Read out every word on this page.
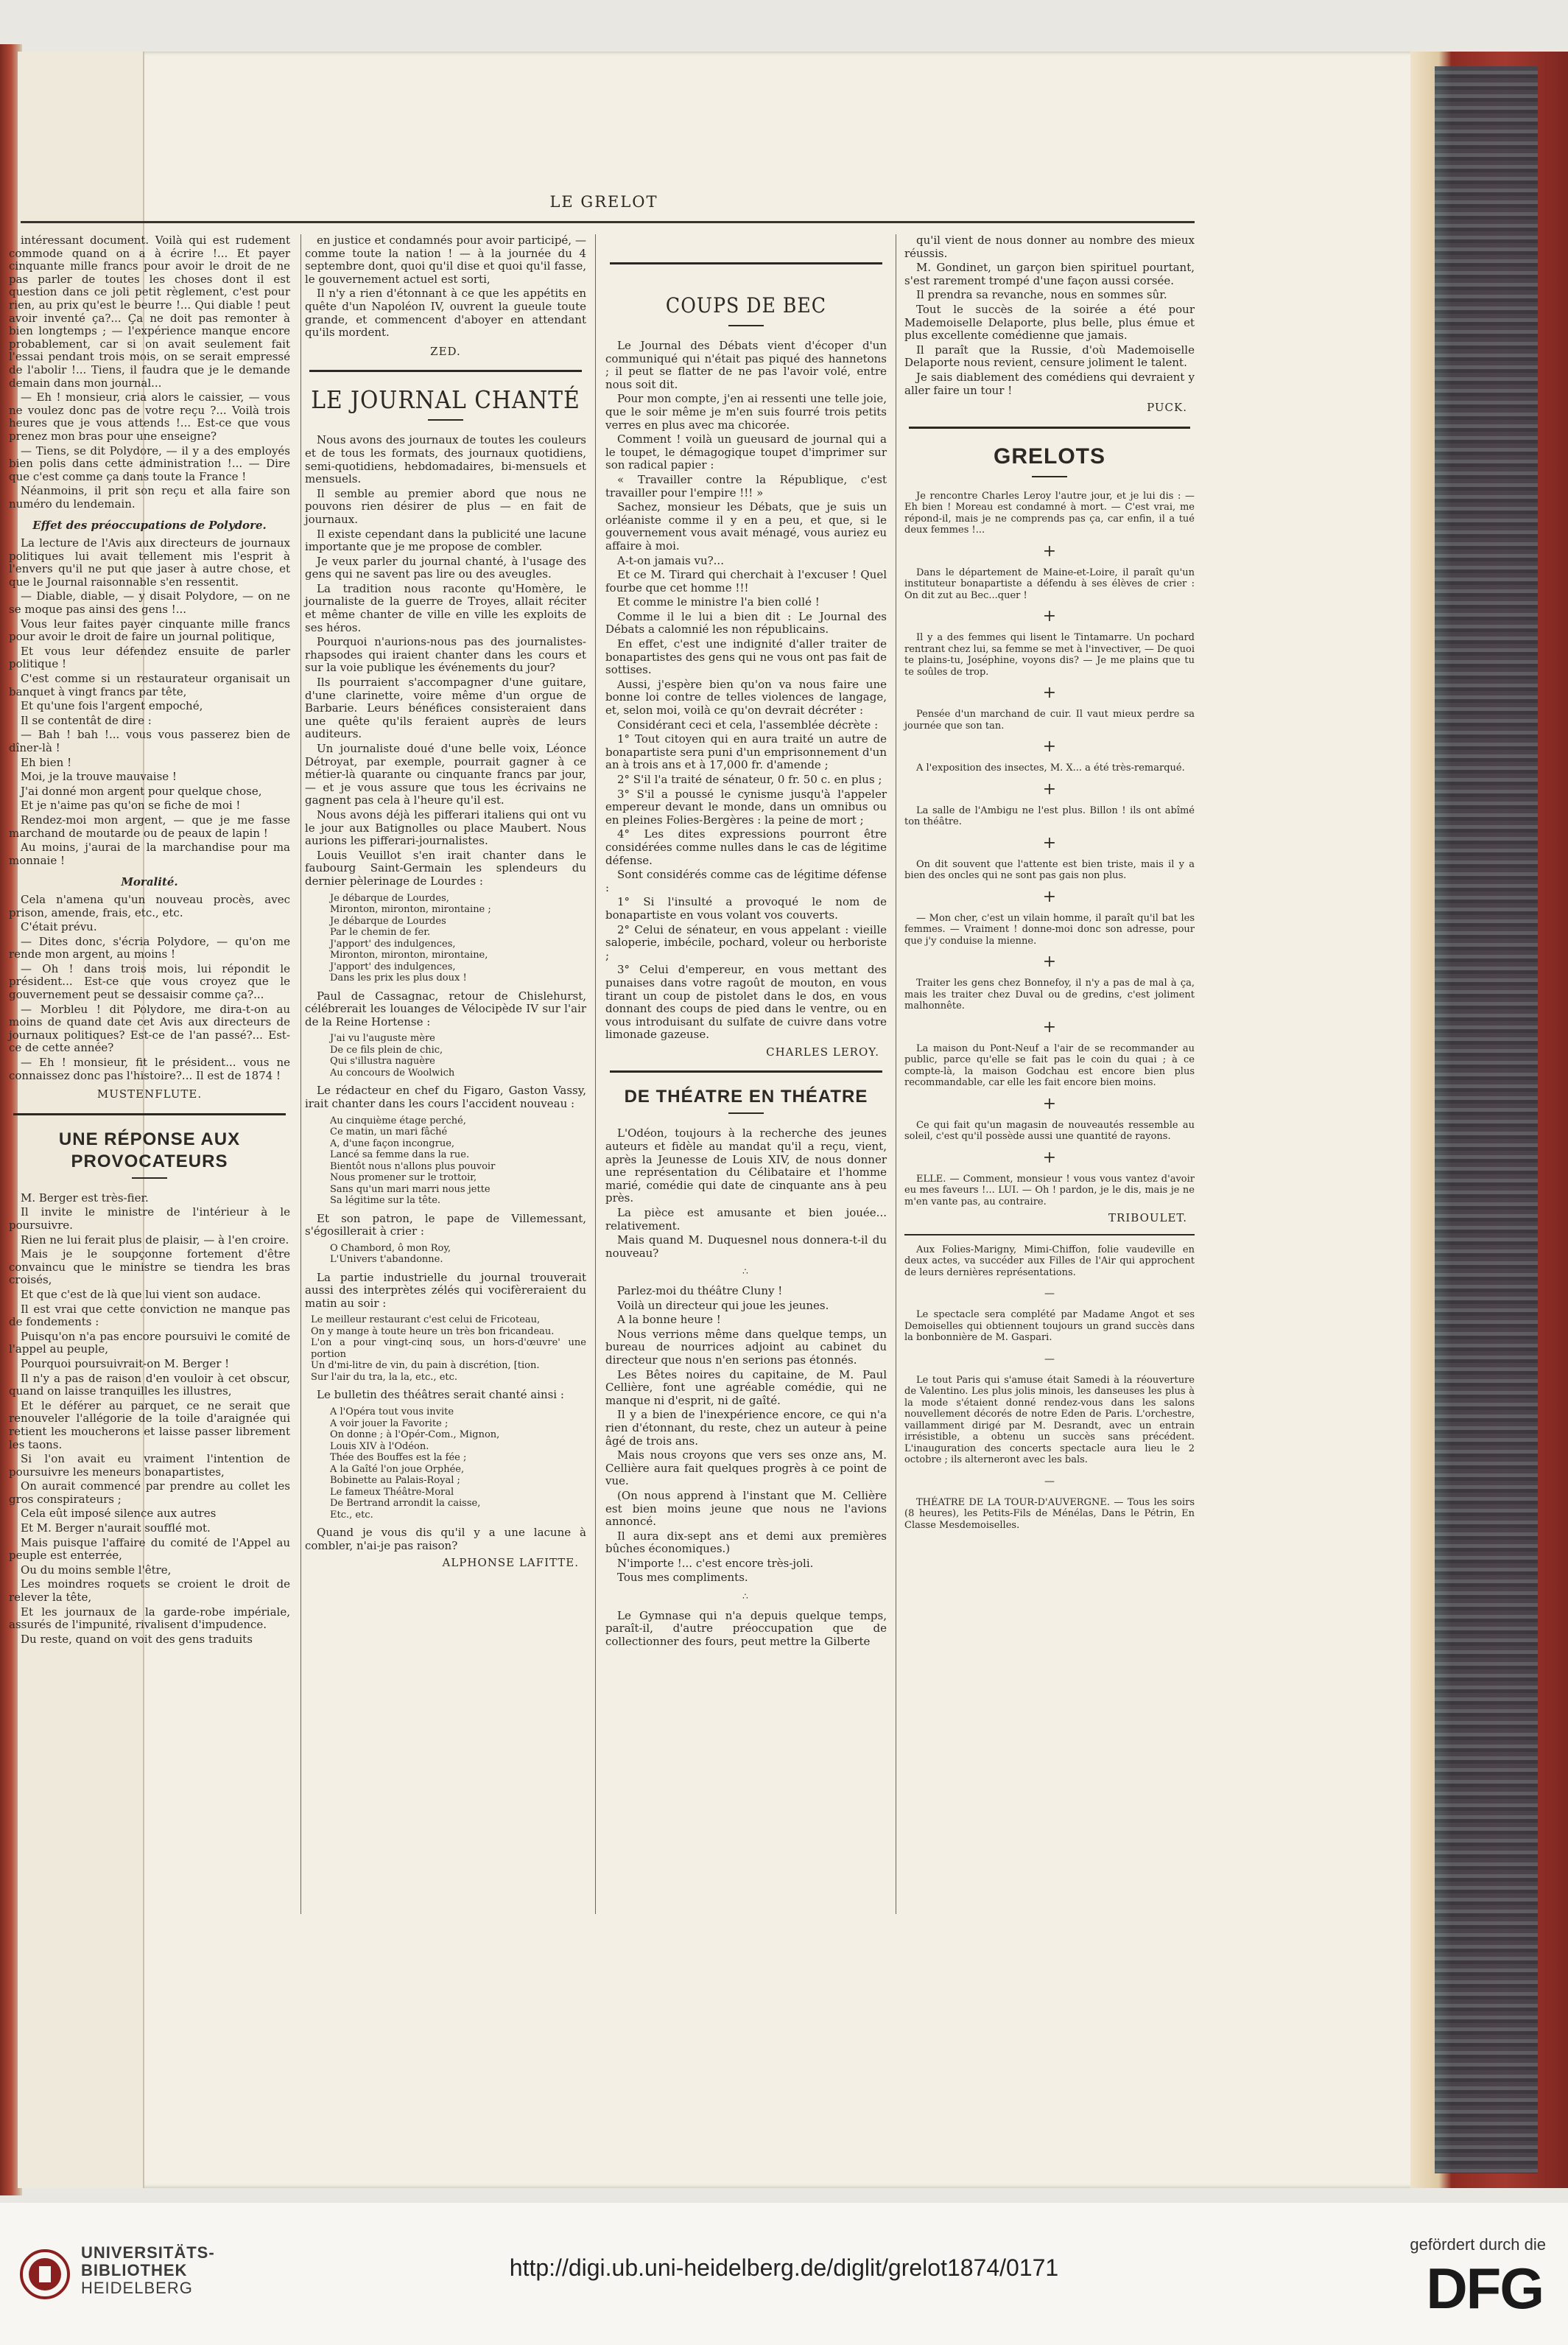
LE GRELOT

intéressant document. Voilà qui est rudement commode quand on a à écrire !... Et payer cinquante mille francs pour avoir le droit de ne pas parler de toutes les choses dont il est question dans ce joli petit règlement, c'est pour rien, au prix qu'est le beurre !... Qui diable ! peut avoir inventé ça?... Ça ne doit pas remonter à bien longtemps ; — l'expérience manque encore probablement, car si on avait seulement fait l'essai pendant trois mois, on se serait empressé de l'abolir !... Tiens, il faudra que je le demande demain dans mon journal...

— Eh ! monsieur, cria alors le caissier, — vous ne voulez donc pas de votre reçu ?... Voilà trois heures que je vous attends !... Est-ce que vous prenez mon bras pour une enseigne?

— Tiens, se dit Polydore, — il y a des employés bien polis dans cette administration !... — Dire que c'est comme ça dans toute la France !

Néanmoins, il prit son reçu et alla faire son numéro du lendemain.

Effet des préoccupations de Polydore.

La lecture de l'Avis aux directeurs de journaux politiques lui avait tellement mis l'esprit à l'envers qu'il ne put que jaser à autre chose, et que le Journal raisonnable s'en ressentit.

— Diable, diable, — y disait Polydore, — on ne se moque pas ainsi des gens !...

Vous leur faites payer cinquante mille francs pour avoir le droit de faire un journal politique,

Et vous leur défendez ensuite de parler politique !

C'est comme si un restaurateur organisait un banquet à vingt francs par tête,

Et qu'une fois l'argent empoché,

Il se contentât de dire :

— Bah ! bah !... vous vous passerez bien de dîner-là !

Eh bien !

Moi, je la trouve mauvaise !

J'ai donné mon argent pour quelque chose,

Et je n'aime pas qu'on se fiche de moi !

Rendez-moi mon argent, — que je me fasse marchand de moutarde ou de peaux de lapin !

Au moins, j'aurai de la marchandise pour ma monnaie !

Moralité.

Cela n'amena qu'un nouveau procès, avec prison, amende, frais, etc., etc.

C'était prévu.

— Dites donc, s'écria Polydore, — qu'on me rende mon argent, au moins !

— Oh ! dans trois mois, lui répondit le président... Est-ce que vous croyez que le gouvernement peut se dessaisir comme ça?...

— Morbleu ! dit Polydore, me dira-t-on au moins de quand date cet Avis aux directeurs de journaux politiques? Est-ce de l'an passé?... Est-ce de cette année?

— Eh ! monsieur, fit le président... vous ne connaissez donc pas l'histoire?... Il est de 1874 !

MUSTENFLUTE.

UNE RÉPONSE AUX PROVOCATEURS

M. Berger est très-fier.

Il invite le ministre de l'intérieur à le poursuivre.

Rien ne lui ferait plus de plaisir, — à l'en croire.

Mais je le soupçonne fortement d'être convaincu que le ministre se tiendra les bras croisés,

Et que c'est de là que lui vient son audace.

Il est vrai que cette conviction ne manque pas de fondements :

Puisqu'on n'a pas encore poursuivi le comité de l'appel au peuple,

Pourquoi poursuivrait-on M. Berger !

Il n'y a pas de raison d'en vouloir à cet obscur, quand on laisse tranquilles les illustres,

Et le déférer au parquet, ce ne serait que renouveler l'allégorie de la toile d'araignée qui retient les moucherons et laisse passer librement les taons.

Si l'on avait eu vraiment l'intention de poursuivre les meneurs bonapartistes,

On aurait commencé par prendre au collet les gros conspirateurs ;

Cela eût imposé silence aux autres

Et M. Berger n'aurait soufflé mot.

Mais puisque l'affaire du comité de l'Appel au peuple est enterrée,

Ou du moins semble l'être,

Les moindres roquets se croient le droit de relever la tête,

Et les journaux de la garde-robe impériale, assurés de l'impunité, rivalisent d'impudence.

Du reste, quand on voit des gens traduits

en justice et condamnés pour avoir participé, — comme toute la nation ! — à la journée du 4 septembre dont, quoi qu'il dise et quoi qu'il fasse, le gouvernement actuel est sorti,

Il n'y a rien d'étonnant à ce que les appétits en quête d'un Napoléon IV, ouvrent la gueule toute grande, et commencent d'aboyer en attendant qu'ils mordent.

ZED.

LE JOURNAL CHANTÉ

Nous avons des journaux de toutes les couleurs et de tous les formats, des journaux quotidiens, semi-quotidiens, hebdomadaires, bi-mensuels et mensuels.

Il semble au premier abord que nous ne pouvons rien désirer de plus — en fait de journaux.

Il existe cependant dans la publicité une lacune importante que je me propose de combler.

Je veux parler du journal chanté, à l'usage des gens qui ne savent pas lire ou des aveugles.

La tradition nous raconte qu'Homère, le journaliste de la guerre de Troyes, allait réciter et même chanter de ville en ville les exploits de ses héros.

Pourquoi n'aurions-nous pas des journalistes-rhapsodes qui iraient chanter dans les cours et sur la voie publique les événements du jour?

Ils pourraient s'accompagner d'une guitare, d'une clarinette, voire même d'un orgue de Barbarie. Leurs bénéfices consisteraient dans une quête qu'ils feraient auprès de leurs auditeurs.

Un journaliste doué d'une belle voix, Léonce Détroyat, par exemple, pourrait gagner à ce métier-là quarante ou cinquante francs par jour, — et je vous assure que tous les écrivains ne gagnent pas cela à l'heure qu'il est.

Nous avons déjà les pifferari italiens qui ont vu le jour aux Batignolles ou place Maubert. Nous aurions les pifferari-journalistes.

Louis Veuillot s'en irait chanter dans le faubourg Saint-Germain les splendeurs du dernier pèlerinage de Lourdes :

Je débarque de Lourdes,
Mironton, mironton, mirontaine ;
Je débarque de Lourdes
Par le chemin de fer.
J'apport' des indulgences,
Mironton, mironton, mirontaine,
J'apport' des indulgences,
Dans les prix les plus doux !

Paul de Cassagnac, retour de Chislehurst, célébrerait les louanges de Vélocipède IV sur l'air de la Reine Hortense :

J'ai vu l'auguste mère
De ce fils plein de chic,
Qui s'illustra naguère
Au concours de Woolwich

Le rédacteur en chef du Figaro, Gaston Vassy, irait chanter dans les cours l'accident nouveau :

Au cinquième étage perché,
Ce matin, un mari fâché
A, d'une façon incongrue,
Lancé sa femme dans la rue.
Bientôt nous n'allons plus pouvoir
Nous promener sur le trottoir,
Sans qu'un mari marri nous jette
Sa légitime sur la tête.

Et son patron, le pape de Villemessant, s'égosillerait à crier :

O Chambord, ô mon Roy,
L'Univers t'abandonne.

La partie industrielle du journal trouverait aussi des interprètes zélés qui vocifèreraient du matin au soir :

Le meilleur restaurant c'est celui de Fricoteau,
On y mange à toute heure un très bon fricandeau.
L'on a pour vingt-cinq sous, un hors-d'œuvre' une portion
Un d'mi-litre de vin, du pain à discrétion, [tion.
Sur l'air du tra, la la, etc., etc.

Le bulletin des théâtres serait chanté ainsi :

A l'Opéra tout vous invite
A voir jouer la Favorite ;
On donne ; à l'Opér-Com., Mignon,
Louis XIV à l'Odéon.
Thée des Bouffes est la fée ;
A la Gaîté l'on joue Orphée,
Bobinette au Palais-Royal ;
Le fameux Théâtre-Moral
De Bertrand arrondit la caisse,
Etc., etc.

Quand je vous dis qu'il y a une lacune à combler, n'ai-je pas raison?

ALPHONSE LAFITTE.

COUPS DE BEC

Le Journal des Débats vient d'écoper d'un communiqué qui n'était pas piqué des hannetons ; il peut se flatter de ne pas l'avoir volé, entre nous soit dit.

Pour mon compte, j'en ai ressenti une telle joie, que le soir même je m'en suis fourré trois petits verres en plus avec ma chicorée.

Comment ! voilà un gueusard de journal qui a le toupet, le démagogique toupet d'imprimer sur son radical papier :

« Travailler contre la République, c'est travailler pour l'empire !!! »

Sachez, monsieur les Débats, que je suis un orléaniste comme il y en a peu, et que, si le gouvernement vous avait ménagé, vous auriez eu affaire à moi.

A-t-on jamais vu?...

Et ce M. Tirard qui cherchait à l'excuser ! Quel fourbe que cet homme !!!

Et comme le ministre l'a bien collé !

Comme il le lui a bien dit : Le Journal des Débats a calomnié les non républicains.

En effet, c'est une indignité d'aller traiter de bonapartistes des gens qui ne vous ont pas fait de sottises.

Aussi, j'espère bien qu'on va nous faire une bonne loi contre de telles violences de langage, et, selon moi, voilà ce qu'on devrait décréter :

Considérant ceci et cela, l'assemblée décrète :

1° Tout citoyen qui en aura traité un autre de bonapartiste sera puni d'un emprisonnement d'un an à trois ans et à 17,000 fr. d'amende ;

2° S'il l'a traité de sénateur, 0 fr. 50 c. en plus ;

3° S'il a poussé le cynisme jusqu'à l'appeler empereur devant le monde, dans un omnibus ou en pleines Folies-Bergères : la peine de mort ;

4° Les dites expressions pourront être considérées comme nulles dans le cas de légitime défense.

Sont considérés comme cas de légitime défense :

1° Si l'insulté a provoqué le nom de bonapartiste en vous volant vos couverts.

2° Celui de sénateur, en vous appelant : vieille saloperie, imbécile, pochard, voleur ou herboriste ;

3° Celui d'empereur, en vous mettant des punaises dans votre ragoût de mouton, en vous tirant un coup de pistolet dans le dos, en vous donnant des coups de pied dans le ventre, ou en vous introduisant du sulfate de cuivre dans votre limonade gazeuse.

CHARLES LEROY.

DE THÉATRE EN THÉATRE

L'Odéon, toujours à la recherche des jeunes auteurs et fidèle au mandat qu'il a reçu, vient, après la Jeunesse de Louis XIV, de nous donner une représentation du Célibataire et l'homme marié, comédie qui date de cinquante ans à peu près.

La pièce est amusante et bien jouée... relativement.

Mais quand M. Duquesnel nous donnera-t-il du nouveau?

∴

Parlez-moi du théâtre Cluny !

Voilà un directeur qui joue les jeunes.

A la bonne heure !

Nous verrions même dans quelque temps, un bureau de nourrices adjoint au cabinet du directeur que nous n'en serions pas étonnés.

Les Bêtes noires du capitaine, de M. Paul Cellière, font une agréable comédie, qui ne manque ni d'esprit, ni de gaîté.

Il y a bien de l'inexpérience encore, ce qui n'a rien d'étonnant, du reste, chez un auteur à peine âgé de trois ans.

Mais nous croyons que vers ses onze ans, M. Cellière aura fait quelques progrès à ce point de vue.

(On nous apprend à l'instant que M. Cellière est bien moins jeune que nous ne l'avions annoncé.

Il aura dix-sept ans et demi aux premières bûches économiques.)

N'importe !... c'est encore très-joli.

Tous mes compliments.

∴

Le Gymnase qui n'a depuis quelque temps, paraît-il, d'autre préoccupation que de collectionner des fours, peut mettre la Gilberte

qu'il vient de nous donner au nombre des mieux réussis.

M. Gondinet, un garçon bien spirituel pourtant, s'est rarement trompé d'une façon aussi corsée.

Il prendra sa revanche, nous en sommes sûr.

Tout le succès de la soirée a été pour Mademoiselle Delaporte, plus belle, plus émue et plus excellente comédienne que jamais.

Il paraît que la Russie, d'où Mademoiselle Delaporte nous revient, censure joliment le talent.

Je sais diablement des comédiens qui devraient y aller faire un tour !

PUCK.

GRELOTS

Je rencontre Charles Leroy l'autre jour, et je lui dis : — Eh bien ! Moreau est condamné à mort. — C'est vrai, me répond-il, mais je ne comprends pas ça, car enfin, il a tué deux femmes !...

+

Dans le département de Maine-et-Loire, il paraît qu'un instituteur bonapartiste a défendu à ses élèves de crier : On dit zut au Bec...quer !

+

Il y a des femmes qui lisent le Tintamarre. Un pochard rentrant chez lui, sa femme se met à l'invectiver, — De quoi te plains-tu, Joséphine, voyons dis? — Je me plains que tu te soûles de trop.

+

Pensée d'un marchand de cuir. Il vaut mieux perdre sa journée que son tan.

+

A l'exposition des insectes, M. X... a été très-remarqué.

+

La salle de l'Ambigu ne l'est plus. Billon ! ils ont abîmé ton théâtre.

+

On dit souvent que l'attente est bien triste, mais il y a bien des oncles qui ne sont pas gais non plus.

+

— Mon cher, c'est un vilain homme, il paraît qu'il bat les femmes. — Vraiment ! donne-moi donc son adresse, pour que j'y conduise la mienne.

+

Traiter les gens chez Bonnefoy, il n'y a pas de mal à ça, mais les traiter chez Duval ou de gredins, c'est joliment malhonnête.

+

La maison du Pont-Neuf a l'air de se recommander au public, parce qu'elle se fait pas le coin du quai ; à ce compte-là, la maison Godchau est encore bien plus recommandable, car elle les fait encore bien moins.

+

Ce qui fait qu'un magasin de nouveautés ressemble au soleil, c'est qu'il possède aussi une quantité de rayons.

+

ELLE. — Comment, monsieur ! vous vous vantez d'avoir eu mes faveurs !... LUI. — Oh ! pardon, je le dis, mais je ne m'en vante pas, au contraire.

TRIBOULET.

Aux Folies-Marigny, Mimi-Chiffon, folie vaudeville en deux actes, va succéder aux Filles de l'Air qui approchent de leurs dernières représentations.

—

Le spectacle sera complété par Madame Angot et ses Demoiselles qui obtiennent toujours un grand succès dans la bonbonnière de M. Gaspari.

—

Le tout Paris qui s'amuse était Samedi à la réouverture de Valentino. Les plus jolis minois, les danseuses les plus à la mode s'étaient donné rendez-vous dans les salons nouvellement décorés de notre Eden de Paris. L'orchestre, vaillamment dirigé par M. Desrandt, avec un entrain irrésistible, a obtenu un succès sans précédent. L'inauguration des concerts spectacle aura lieu le 2 octobre ; ils alterneront avec les bals.

—

THÉATRE DE LA TOUR-D'AUVERGNE. — Tous les soirs (8 heures), les Petits-Fils de Ménélas, Dans le Pétrin, En Classe Mesdemoiselles.

UNIVERSITÄTS-
BIBLIOTHEK
HEIDELBERG
http://digi.ub.uni-heidelberg.de/diglit/grelot1874/0171
gefördert durch die
DFG
